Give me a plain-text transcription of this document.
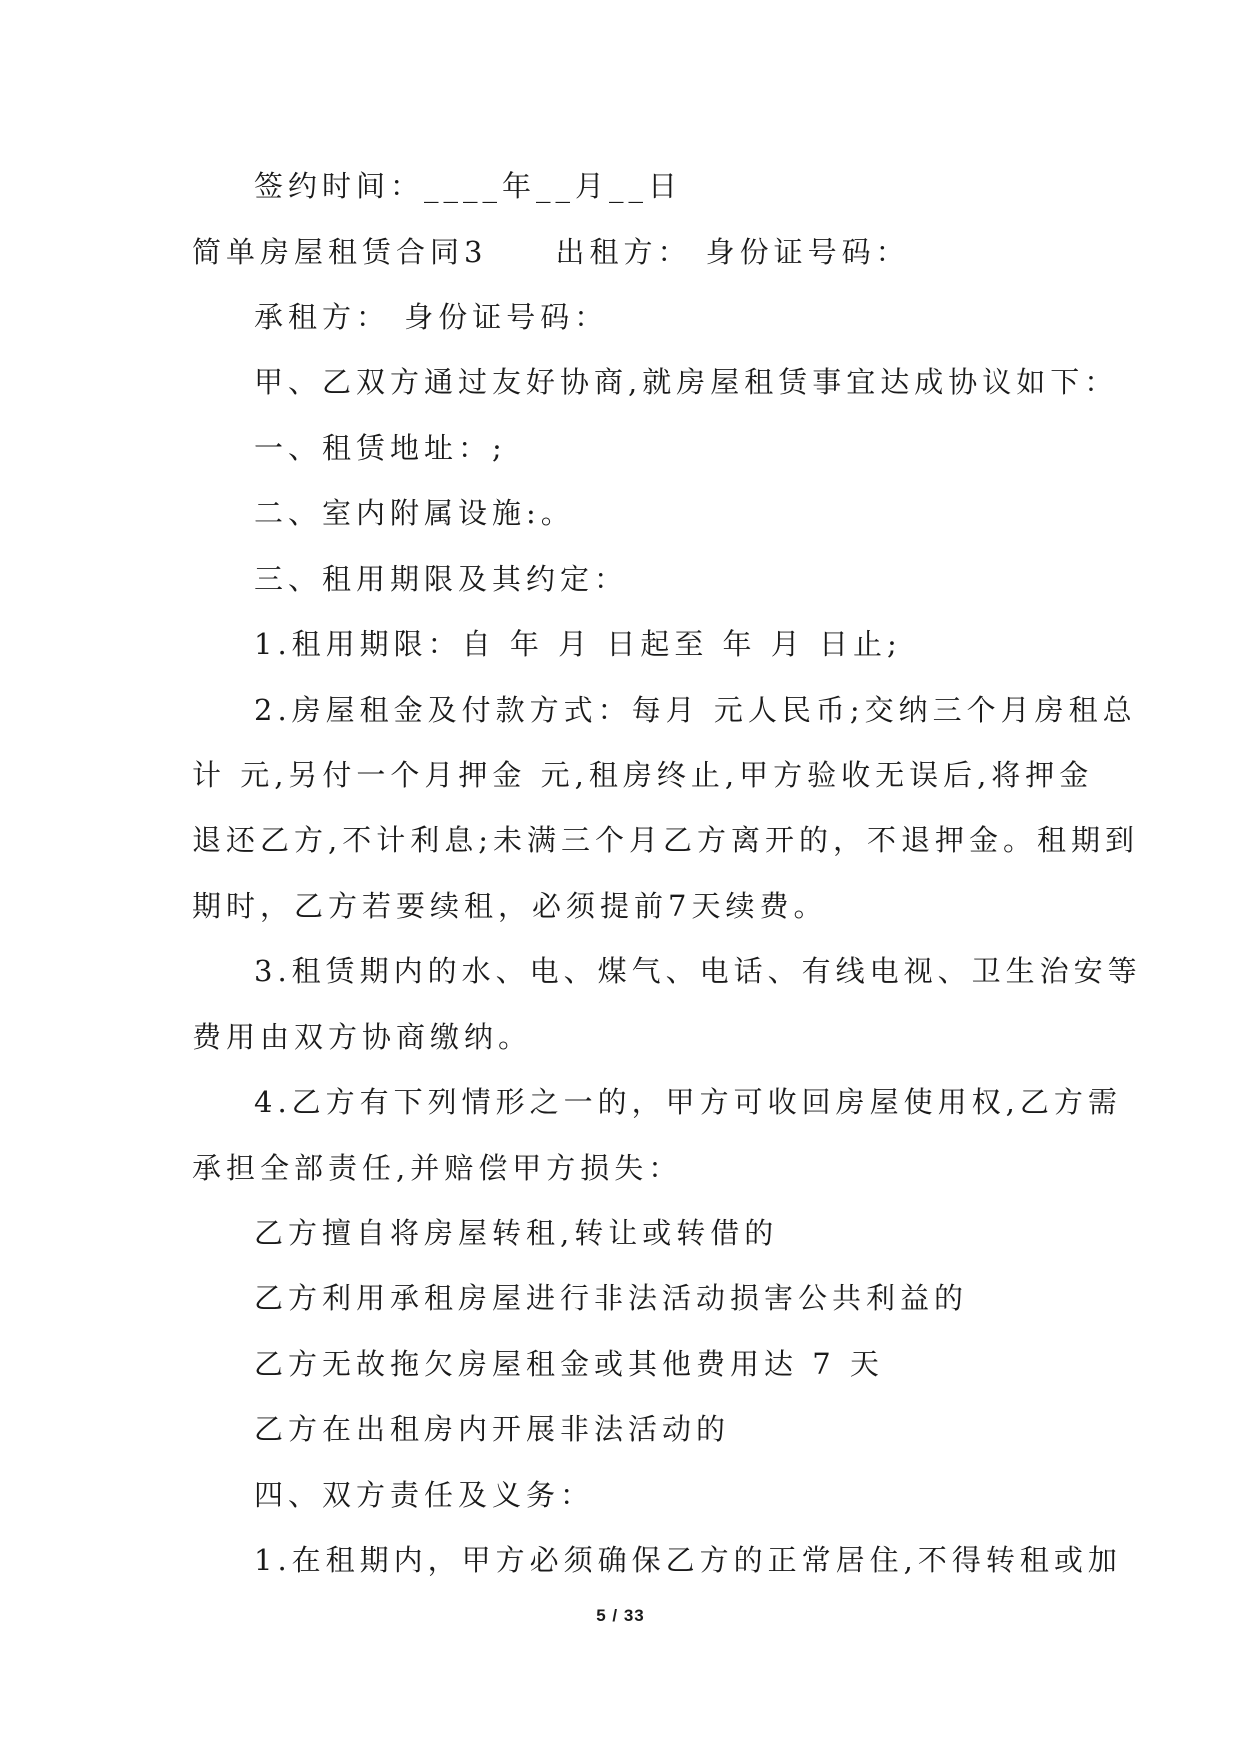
签约时间：____年__月__日
简单房屋租赁合同3　　出租方： 身份证号码：
承租方： 身份证号码：
甲、乙双方通过友好协商,就房屋租赁事宜达成协议如下：
一、租赁地址：;
二、室内附属设施:。
三、租用期限及其约定：
1.租用期限：自 年 月 日起至 年 月 日止;
2.房屋租金及付款方式：每月 元人民币;交纳三个月房租总
计 元,另付一个月押金 元,租房终止,甲方验收无误后,将押金
退还乙方,不计利息;未满三个月乙方离开的，不退押金。租期到
期时，乙方若要续租，必须提前7天续费。
3.租赁期内的水、电、煤气、电话、有线电视、卫生治安等
费用由双方协商缴纳。
4.乙方有下列情形之一的，甲方可收回房屋使用权,乙方需
承担全部责任,并赔偿甲方损失：
乙方擅自将房屋转租,转让或转借的
乙方利用承租房屋进行非法活动损害公共利益的
乙方无故拖欠房屋租金或其他费用达 7 天
乙方在出租房内开展非法活动的
四、双方责任及义务：
1.在租期内，甲方必须确保乙方的正常居住,不得转租或加
5 / 33
